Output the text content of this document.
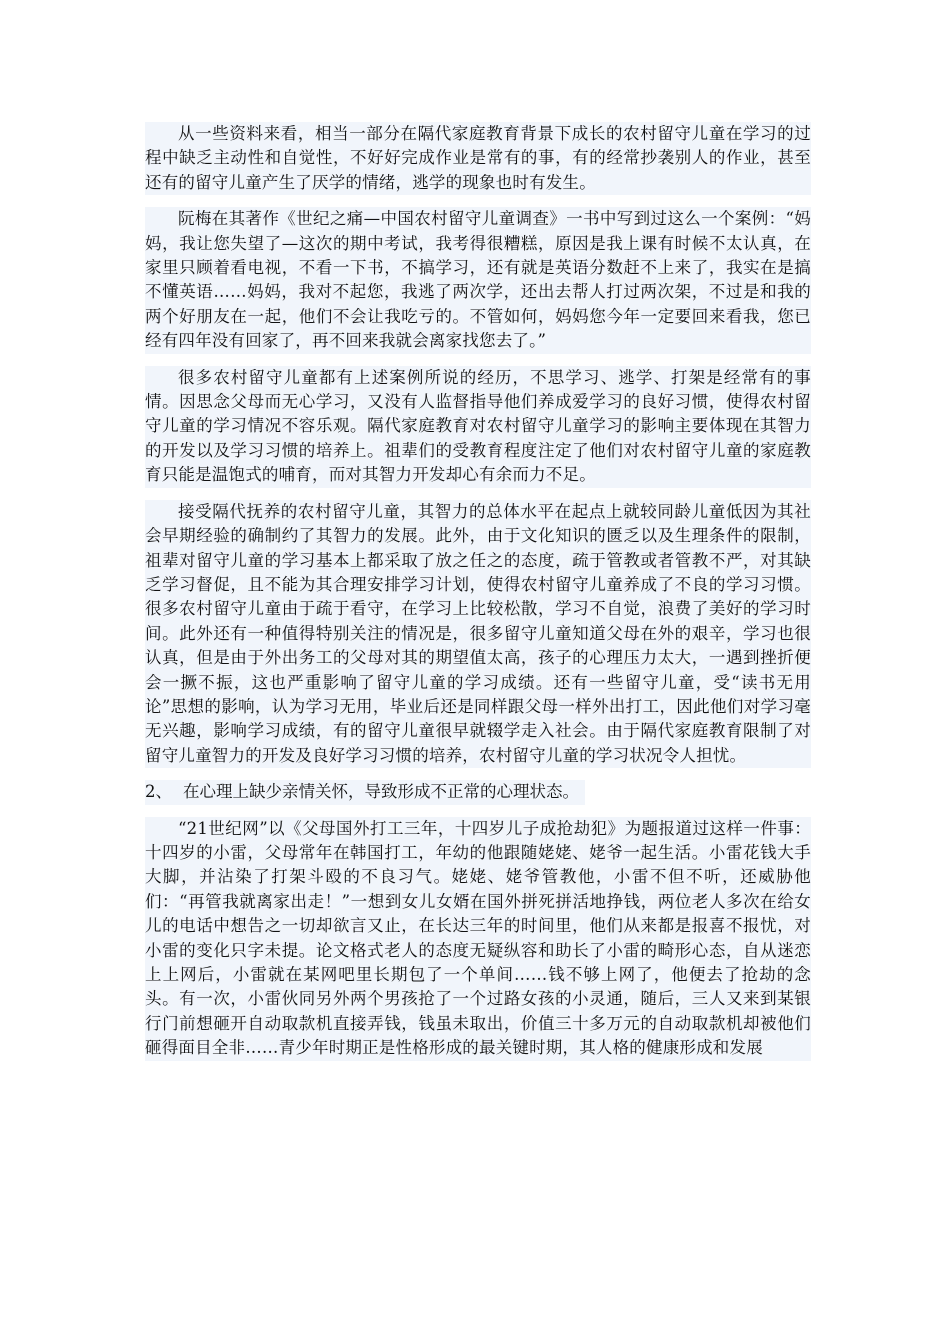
从一些资料来看，相当一部分在隔代家庭教育背景下成长的农村留守儿童在学习的过程中缺乏主动性和自觉性，不好好完成作业是常有的事，有的经常抄袭别人的作业，甚至还有的留守儿童产生了厌学的情绪，逃学的现象也时有发生。

阮梅在其著作《世纪之痛—中国农村留守儿童调查》一书中写到过这么一个案例：“妈妈，我让您失望了—这次的期中考试，我考得很糟糕，原因是我上课有时候不太认真，在家里只顾着看电视，不看一下书，不搞学习，还有就是英语分数赶不上来了，我实在是搞不懂英语……妈妈，我对不起您，我逃了两次学，还出去帮人打过两次架，不过是和我的两个好朋友在一起，他们不会让我吃亏的。不管如何，妈妈您今年一定要回来看我，您已经有四年没有回家了，再不回来我就会离家找您去了。”

很多农村留守儿童都有上述案例所说的经历，不思学习、逃学、打架是经常有的事情。因思念父母而无心学习，又没有人监督指导他们养成爱学习的良好习惯，使得农村留守儿童的学习情况不容乐观。隔代家庭教育对农村留守儿童学习的影响主要体现在其智力的开发以及学习习惯的培养上。祖辈们的受教育程度注定了他们对农村留守儿童的家庭教育只能是温饱式的哺育，而对其智力开发却心有余而力不足。

接受隔代抚养的农村留守儿童，其智力的总体水平在起点上就较同龄儿童低因为其社会早期经验的确制约了其智力的发展。此外，由于文化知识的匮乏以及生理条件的限制，祖辈对留守儿童的学习基本上都采取了放之任之的态度，疏于管教或者管教不严，对其缺乏学习督促，且不能为其合理安排学习计划，使得农村留守儿童养成了不良的学习习惯。很多农村留守儿童由于疏于看守，在学习上比较松散，学习不自觉，浪费了美好的学习时间。此外还有一种值得特别关注的情况是，很多留守儿童知道父母在外的艰辛，学习也很认真，但是由于外出务工的父母对其的期望值太高，孩子的心理压力太大，一遇到挫折便会一撅不振，这也严重影响了留守儿童的学习成绩。还有一些留守儿童，受“读书无用论”思想的影响，认为学习无用，毕业后还是同样跟父母一样外出打工，因此他们对学习毫无兴趣，影响学习成绩，有的留守儿童很早就辍学走入社会。由于隔代家庭教育限制了对留守儿童智力的开发及良好学习习惯的培养，农村留守儿童的学习状况令人担忧。

2、 在心理上缺少亲情关怀，导致形成不正常的心理状态。

“21世纪网”以《父母国外打工三年，十四岁儿子成抢劫犯》为题报道过这样一件事：十四岁的小雷，父母常年在韩国打工，年幼的他跟随姥姥、姥爷一起生活。小雷花钱大手大脚，并沾染了打架斗殴的不良习气。姥姥、姥爷管教他，小雷不但不听，还威胁他们：“再管我就离家出走！”一想到女儿女婿在国外拼死拼活地挣钱，两位老人多次在给女儿的电话中想告之一切却欲言又止，在长达三年的时间里，他们从来都是报喜不报忧，对小雷的变化只字未提。论文格式老人的态度无疑纵容和助长了小雷的畸形心态，自从迷恋上上网后，小雷就在某网吧里长期包了一个单间……钱不够上网了，他便去了抢劫的念头。有一次，小雷伙同另外两个男孩抢了一个过路女孩的小灵通，随后，三人又来到某银行门前想砸开自动取款机直接弄钱，钱虽未取出，价值三十多万元的自动取款机却被他们砸得面目全非……青少年时期正是性格形成的最关键时期，其人格的健康形成和发展
